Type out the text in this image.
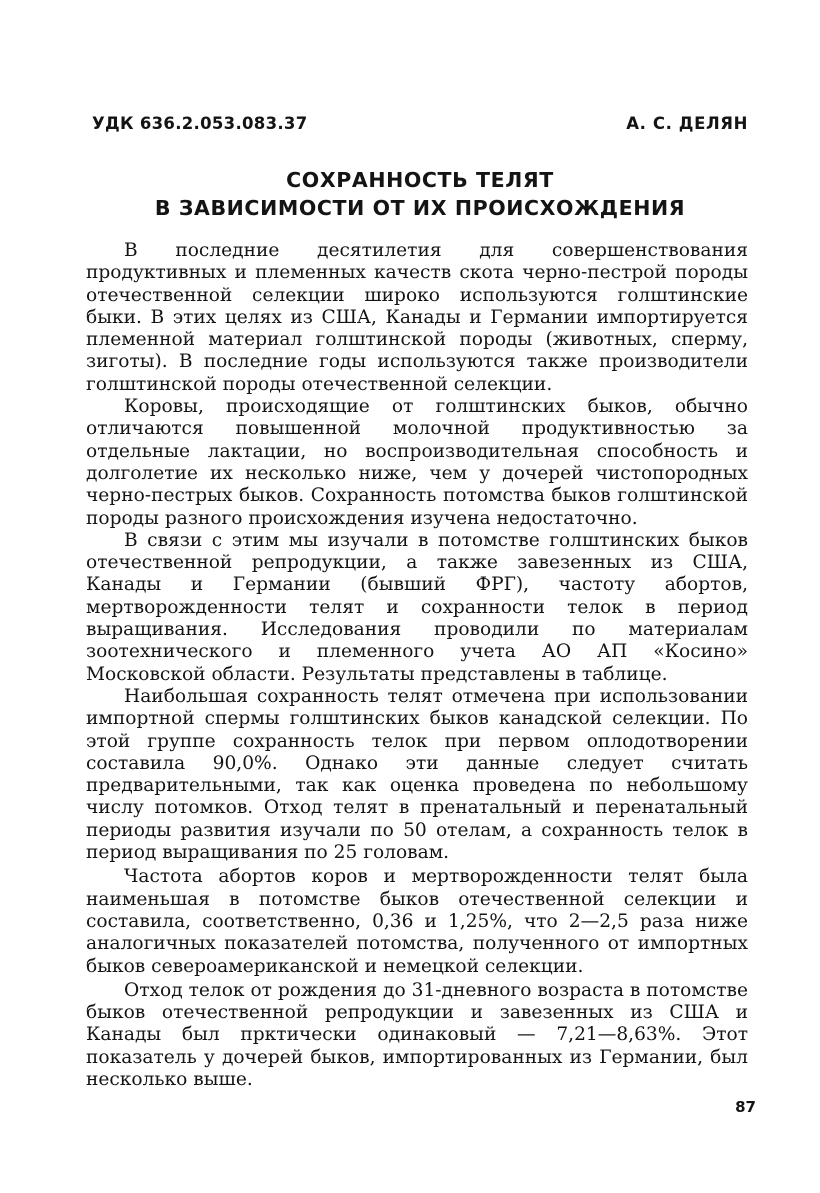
УДК 636.2.053.083.37	А. С. ДЕЛЯН
СОХРАННОСТЬ ТЕЛЯТ
В ЗАВИСИМОСТИ ОТ ИХ ПРОИСХОЖДЕНИЯ

В последние десятилетия для совершенствования продуктивных и племенных качеств скота черно-пестрой породы отечественной селекции широко используются голштинские быки. В этих целях из США, Канады и Германии импортируется племенной материал голштинской породы (животных, сперму, зиготы). В последние годы используются также производители голштинской породы отечественной селекции.

Коровы, происходящие от голштинских быков, обычно отличаются повышенной молочной продуктивностью за отдельные лактации, но воспроизводительная способность и долголетие их несколько ниже, чем у дочерей чистопородных черно-пестрых быков. Сохранность потомства быков голштинской породы разного происхождения изучена недостаточно.

В связи с этим мы изучали в потомстве голштинских быков отечественной репродукции, а также завезенных из США, Канады и Германии (бывший ФРГ), частоту абортов, мертворожденности телят и сохранности телок в период выращивания. Исследования проводили по материалам зоотехнического и племенного учета АО АП «Косино» Московской области. Результаты представлены в таблице.

Наибольшая сохранность телят отмечена при использовании импортной спермы голштинских быков канадской селекции. По этой группе сохранность телок при первом оплодотворении составила 90,0%. Однако эти данные следует считать предварительными, так как оценка проведена по небольшому числу потомков. Отход телят в пренатальный и перенатальный периоды развития изучали по 50 отелам, а сохранность телок в период выращивания по 25 головам.

Частота абортов коров и мертворожденности телят была наименьшая в потомстве быков отечественной селекции и составила, соответственно, 0,36 и 1,25%, что 2—2,5 раза ниже аналогичных показателей потомства, полученного от импортных быков североамериканской и немецкой селекции.

Отход телок от рождения до 31-дневного возраста в потомстве быков отечественной репродукции и завезенных из США и Канады был прктически одинаковый — 7,21—8,63%. Этот показатель у дочерей быков, импортированных из Германии, был несколько выше.

87
